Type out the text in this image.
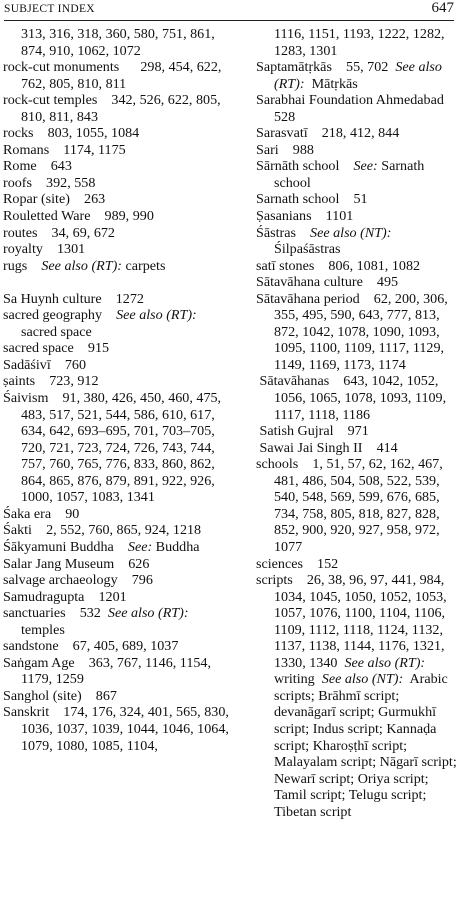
SUBJECT INDEX	647
313, 316, 318, 360, 580, 751, 861, 874, 910, 1062, 1072
rock-cut monuments      298, 454, 622, 762, 805, 810, 811
rock-cut temples    342, 526, 622, 805, 810, 811, 843
rocks    803, 1055, 1084
Romans    1174, 1175
Rome    643
roofs    392, 558
Ropar (site)    263
Rouletted Ware    989, 990
routes    34, 69, 672
royalty    1301
rugs    See also (RT): carpets
Sa Huynh culture    1272
sacred geography    See also (RT):  sacred space
sacred space    915
Sadāśivī    760
ṣaints    723, 912
Śaivism    91, 380, 426, 450, 460, 475, 483, 517, 521, 544, 586, 610, 617, 634, 642, 693–695, 701, 703–705, 720, 721, 723, 724, 726, 743, 744, 757, 760, 765, 776, 833, 860, 862, 864, 865, 876, 879, 891, 922, 926, 1000, 1057, 1083, 1341
Śaka era    90
Śakti    2, 552, 760, 865, 924, 1218
Śākyamuni Buddha    See: Buddha
Salar Jang Museum    626
salvage archaeology    796
Samudragupta    1201
sanctuaries    532  See also (RT):  temples
sandstone    67, 405, 689, 1037
Saṅgam Age    363, 767, 1146, 1154, 1179, 1259
Sanghol (site)    867
Sanskrit    174, 176, 324, 401, 565, 830, 1036, 1037, 1039, 1044, 1046, 1064, 1079, 1080, 1085, 1104,
1116, 1151, 1193, 1222, 1282, 1283, 1301
Saptamātṛkās    55, 702  See also (RT):  Mātṛkās
Sarabhai Foundation Ahmedabad    528
Sarasvatī    218, 412, 844
Sari    988
Sārnāth school    See: Sarnath school
Sarnath school    51
Ṣasanians    1101
Śāstras    See also (NT): Śilpaśāstras
satī stones    806, 1081, 1082
Sātavāhana culture    495
Sātavāhana period    62, 200, 306, 355, 495, 590, 643, 777, 813, 872, 1042, 1078, 1090, 1093, 1095, 1100, 1109, 1117, 1129, 1149, 1169, 1173, 1174
Sātavāhanas    643, 1042, 1052, 1056, 1065, 1078, 1093, 1109, 1117, 1118, 1186
Satish Gujral    971
Sawai Jai Singh II    414
schools    1, 51, 57, 62, 162, 467, 481, 486, 504, 508, 522, 539, 540, 548, 569, 599, 676, 685, 734, 758, 805, 818, 827, 828, 852, 900, 920, 927, 958, 972, 1077
sciences    152
scripts    26, 38, 96, 97, 441, 984, 1034, 1045, 1050, 1052, 1053, 1057, 1076, 1100, 1104, 1106, 1109, 1112, 1118, 1124, 1132, 1137, 1138, 1144, 1176, 1321, 1330, 1340  See also (RT):  writing  See also (NT):  Arabic scripts; Brāhmī script; devanāgarī script; Gurmukhī script; Indus script; Kannaḍa script; Kharoṣṭhī script; Malayalam script; Nāgarī script; Newarī script; Oriya script; Tamil script; Telugu script; Tibetan script
